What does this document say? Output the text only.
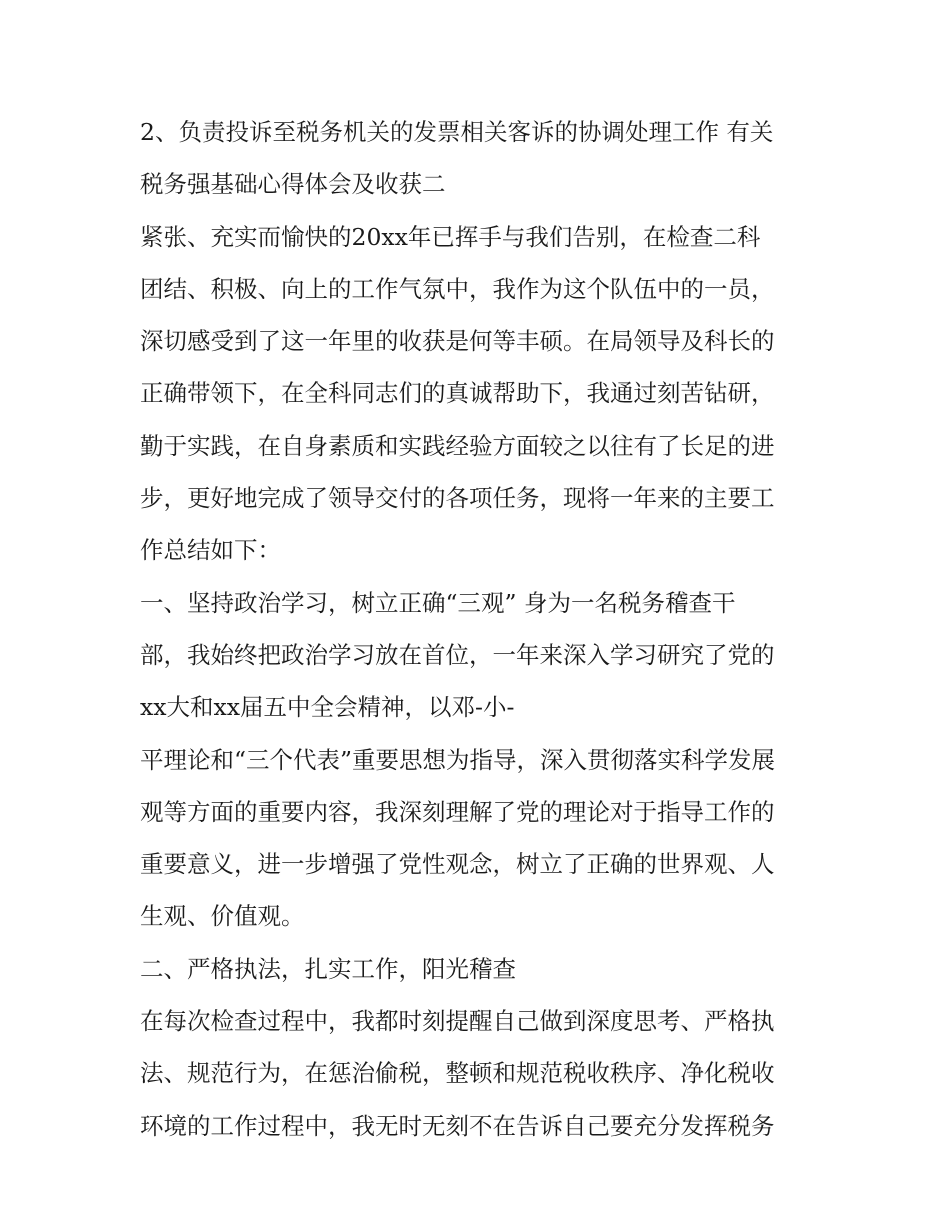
2、负责投诉至税务机关的发票相关客诉的协调处理工作 有关
税务强基础心得体会及收获二
紧张、充实而愉快的20xx年已挥手与我们告别，在检查二科
团结、积极、向上的工作气氛中，我作为这个队伍中的一员，
深切感受到了这一年里的收获是何等丰硕。在局领导及科长的
正确带领下，在全科同志们的真诚帮助下，我通过刻苦钻研，
勤于实践，在自身素质和实践经验方面较之以往有了长足的进
步，更好地完成了领导交付的各项任务，现将一年来的主要工
作总结如下：
一、坚持政治学习，树立正确“三观” 身为一名税务稽查干
部，我始终把政治学习放在首位，一年来深入学习研究了党的
xx大和xx届五中全会精神，以邓-小-
平理论和“三个代表”重要思想为指导，深入贯彻落实科学发展
观等方面的重要内容，我深刻理解了党的理论对于指导工作的
重要意义，进一步增强了党性观念，树立了正确的世界观、人
生观、价值观。
二、严格执法，扎实工作，阳光稽查
在每次检查过程中，我都时刻提醒自己做到深度思考、严格执
法、规范行为，在惩治偷税，整顿和规范税收秩序、净化税收
环境的工作过程中，我无时无刻不在告诉自己要充分发挥税务
